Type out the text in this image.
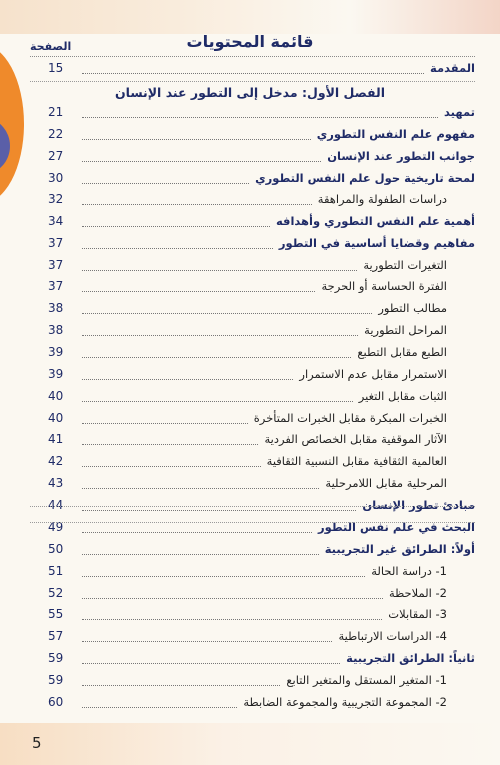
قائمة المحتويات
الصفحة
الفصل الأول: مدخل إلى التطور عند الإنسان
15	المقدمة
21	تمهيد
22	مفهوم علم النفس التطوري
27	جوانب التطور عند الإنسان
30	لمحة تاريخية حول علم النفس التطوري
32	دراسات الطفولة والمراهقة
34	أهمية علم النفس التطوري وأهدافه
37	مفاهيم وقضايا أساسية في التطور
37	التغيرات التطورية
37	الفترة الحساسة أو الحرجة
38	مطالب التطور
38	المراحل التطورية
39	الطبع مقابل التطبع
39	الاستمرار مقابل عدم الاستمرار
40	الثبات مقابل التغير
40	الخبرات المبكرة مقابل الخبرات المتأخرة
41	الآثار الموقفية مقابل الخصائص الفردية
42	العالمية الثقافية مقابل النسبية الثقافية
43	المرحلية مقابل اللامرحلية
44	مبادئ تطور الإنسان
49	البحث في علم نفس التطور
50	أولاً: الطرائق غير التجريبية
51	1- دراسة الحالة
52	2- الملاحظة
55	3- المقابلات
57	4- الدراسات الارتباطية
59	ثانياً: الطرائق التجريبية
59	1- المتغير المستقل والمتغير التابع
60	2- المجموعة التجريبية والمجموعة الضابطة
5
